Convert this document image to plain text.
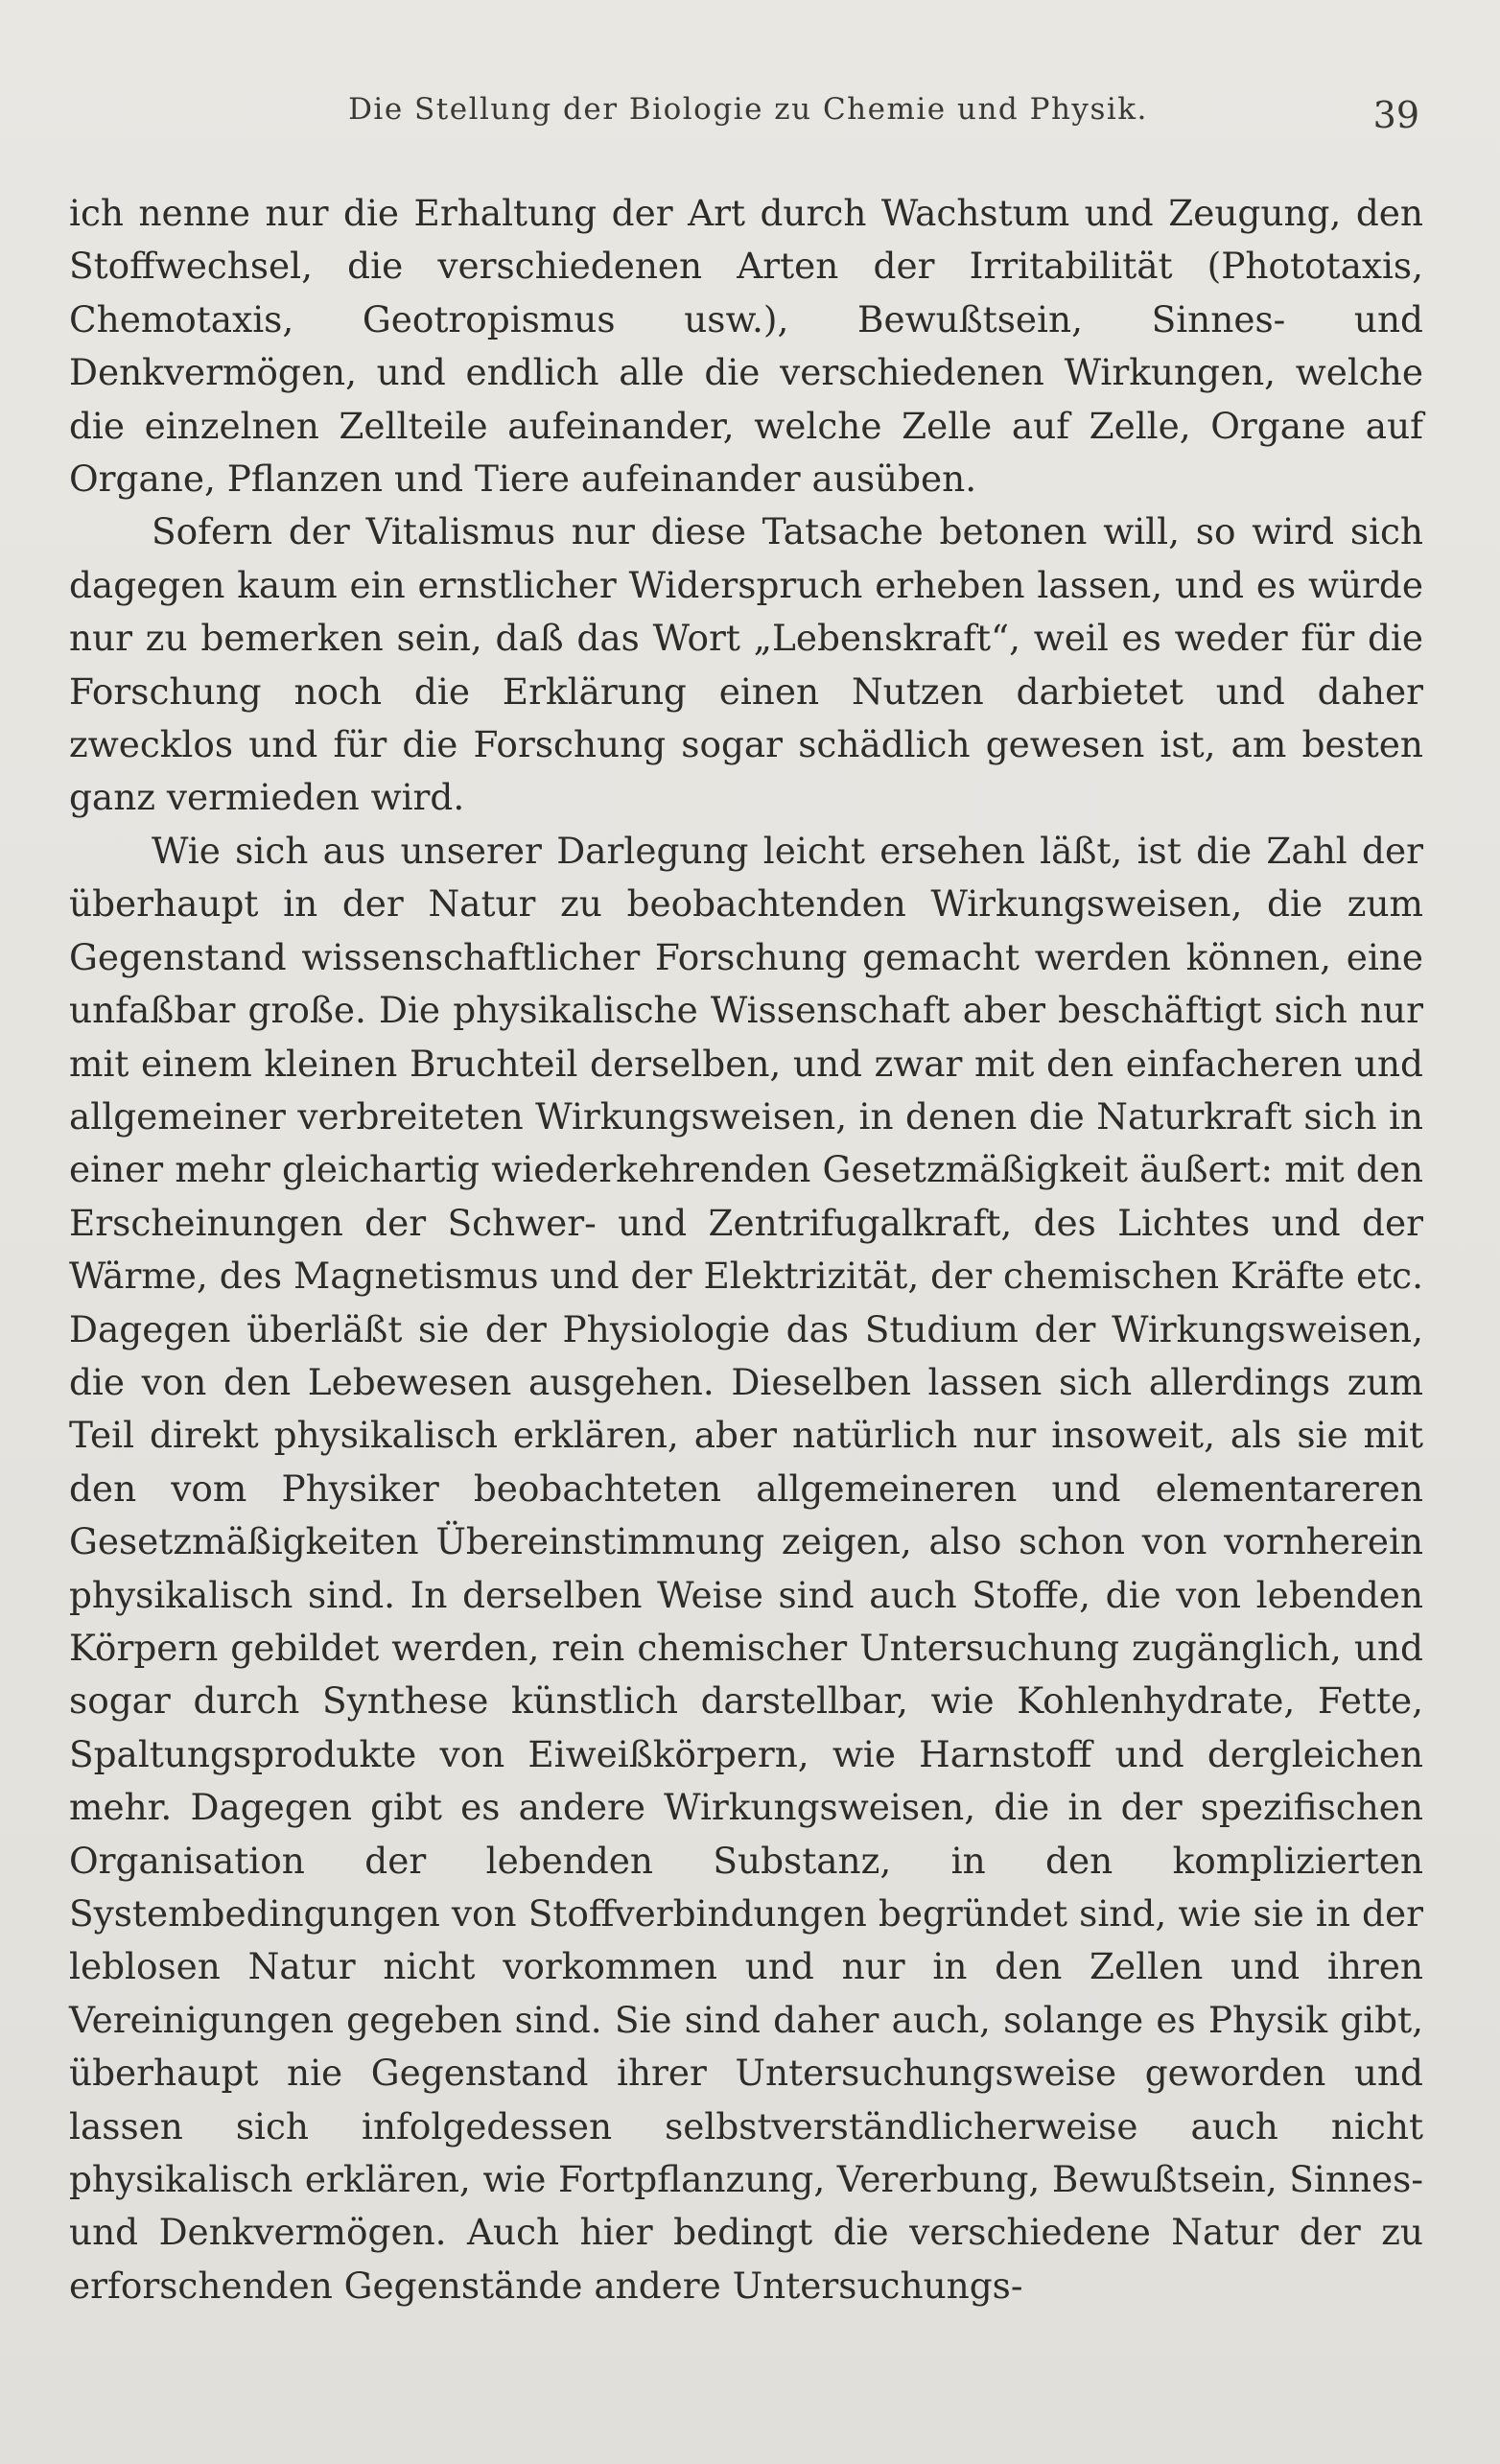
Die Stellung der Biologie zu Chemie und Physik.	39

ich nenne nur die Erhaltung der Art durch Wachstum und Zeugung, den Stoffwechsel, die verschiedenen Arten der Irritabilität (Phototaxis, Chemotaxis, Geotropismus usw.), Bewußtsein, Sinnes- und Denkvermögen, und endlich alle die verschiedenen Wirkungen, welche die einzelnen Zellteile aufeinander, welche Zelle auf Zelle, Organe auf Organe, Pflanzen und Tiere aufeinander ausüben.

Sofern der Vitalismus nur diese Tatsache betonen will, so wird sich dagegen kaum ein ernstlicher Widerspruch erheben lassen, und es würde nur zu bemerken sein, daß das Wort „Lebenskraft“, weil es weder für die Forschung noch die Erklärung einen Nutzen darbietet und daher zwecklos und für die Forschung sogar schädlich gewesen ist, am besten ganz vermieden wird.

Wie sich aus unserer Darlegung leicht ersehen läßt, ist die Zahl der überhaupt in der Natur zu beobachtenden Wirkungsweisen, die zum Gegenstand wissenschaftlicher Forschung gemacht werden können, eine unfaßbar große. Die physikalische Wissenschaft aber beschäftigt sich nur mit einem kleinen Bruchteil derselben, und zwar mit den einfacheren und allgemeiner verbreiteten Wirkungsweisen, in denen die Naturkraft sich in einer mehr gleichartig wiederkehrenden Gesetzmäßigkeit äußert: mit den Erscheinungen der Schwer- und Zentrifugalkraft, des Lichtes und der Wärme, des Magnetismus und der Elektrizität, der chemischen Kräfte etc. Dagegen überläßt sie der Physiologie das Studium der Wirkungsweisen, die von den Lebewesen ausgehen. Dieselben lassen sich allerdings zum Teil direkt physikalisch erklären, aber natürlich nur insoweit, als sie mit den vom Physiker beobachteten allgemeineren und elementareren Gesetzmäßigkeiten Übereinstimmung zeigen, also schon von vornherein physikalisch sind. In derselben Weise sind auch Stoffe, die von lebenden Körpern gebildet werden, rein chemischer Untersuchung zugänglich, und sogar durch Synthese künstlich darstellbar, wie Kohlenhydrate, Fette, Spaltungsprodukte von Eiweißkörpern, wie Harnstoff und dergleichen mehr. Dagegen gibt es andere Wirkungsweisen, die in der spezifischen Organisation der lebenden Substanz, in den komplizierten Systembedingungen von Stoffverbindungen begründet sind, wie sie in der leblosen Natur nicht vorkommen und nur in den Zellen und ihren Vereinigungen gegeben sind. Sie sind daher auch, solange es Physik gibt, überhaupt nie Gegenstand ihrer Untersuchungsweise geworden und lassen sich infolgedessen selbstverständlicherweise auch nicht physikalisch erklären, wie Fortpflanzung, Vererbung, Bewußtsein, Sinnes- und Denkvermögen. Auch hier bedingt die verschiedene Natur der zu erforschenden Gegenstände andere Untersuchungs-
